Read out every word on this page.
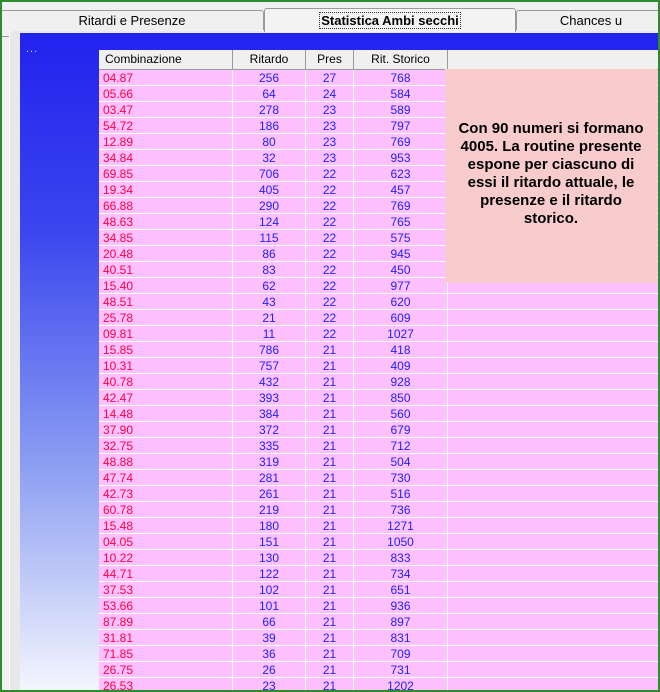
Ritardi e Presenze	Statistica Ambi secchi	Chances u
...
Combinazione	Ritardo	Pres	Rit. Storico
04.87	256	27	768
05.66	64	24	584
03.47	278	23	589
54.72	186	23	797
12.89	80	23	769
34.84	32	23	953
69.85	706	22	623
19.34	405	22	457
66.88	290	22	769
48.63	124	22	765
34.85	115	22	575
20.48	86	22	945
40.51	83	22	450
15.40	62	22	977
48.51	43	22	620
25.78	21	22	609
09.81	11	22	1027
15.85	786	21	418
10.31	757	21	409
40.78	432	21	928
42.47	393	21	850
14.48	384	21	560
37.90	372	21	679
32.75	335	21	712
48.88	319	21	504
47.74	281	21	730
42.73	261	21	516
60.78	219	21	736
15.48	180	21	1271
04.05	151	21	1050
10.22	130	21	833
44.71	122	21	734
37.53	102	21	651
53.66	101	21	936
87.89	66	21	897
31.81	39	21	831
71.85	36	21	709
26.75	26	21	731
26.53	23	21	1202
Con 90 numeri si formano 4005. La routine presente espone per ciascuno di essi il ritardo attuale, le presenze e il ritardo storico.
